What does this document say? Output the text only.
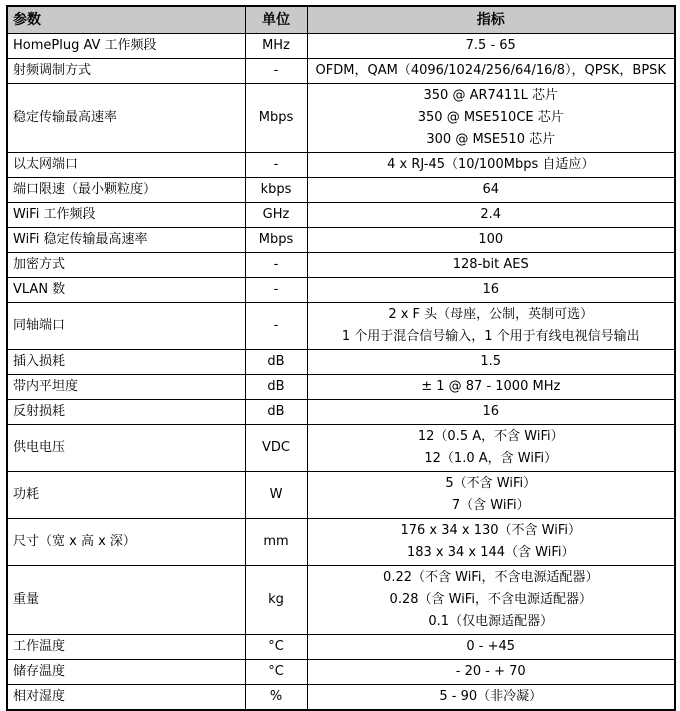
参数	单位	指标
HomePlug AV 工作频段	MHz	7.5 - 65

射频调制方式	-	OFDM，QAM（4096/1024/256/64/16/8），QPSK，BPSK

稳定传输最高速率	Mbps	350 @ AR7411L 芯片
350 @ MSE510CE 芯片
300 @ MSE510 芯片

以太网端口	-	4 x RJ-45（10/100Mbps 自适应）

端口限速（最小颗粒度）	kbps	64

WiFi 工作频段	GHz	2.4

WiFi 稳定传输最高速率	Mbps	100

加密方式	-	128-bit AES

VLAN 数	-	16

同轴端口	-	2 x F 头（母座，公制，英制可选）
1 个用于混合信号输入，1 个用于有线电视信号输出

插入损耗	dB	1.5

带内平坦度	dB	± 1 @ 87 - 1000 MHz

反射损耗	dB	16

供电电压	VDC	12（0.5 A，不含 WiFi）
12（1.0 A，含 WiFi）

功耗	W	5（不含 WiFi）
7（含 WiFi）

尺寸（宽 x 高 x 深）	mm	176 x 34 x 130（不含 WiFi）
183 x 34 x 144（含 WiFi）

重量	kg	0.22（不含 WiFi，不含电源适配器）
0.28（含 WiFi，不含电源适配器）
0.1（仅电源适配器）

工作温度	°C	0 - +45

储存温度	°C	- 20 - + 70

相对湿度	%	5 - 90（非冷凝）
